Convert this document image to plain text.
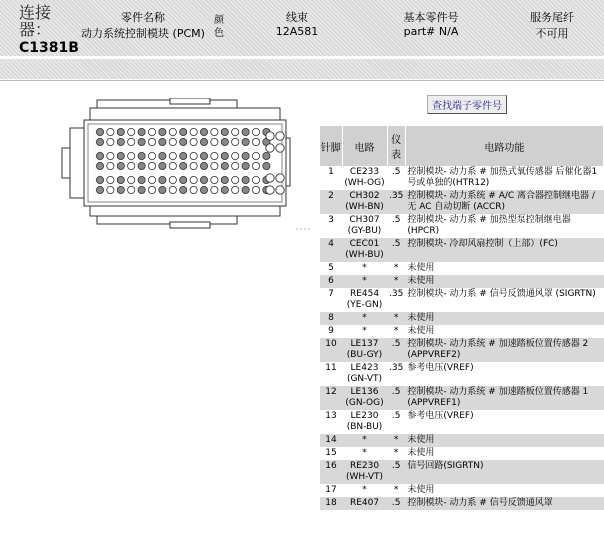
连接器：
C1381B
零件名称
动力系统控制模块 (PCM)
颜色
线束
12A581
基本零件号
part# N/A
服务尾纤
不可用
查找端子零件号
针脚	电路	仪表	电路功能
1	CE233 (WH-OG)	.5	控制模块- 动力系 # 加热式氧传感器 后催化器1号或单独的(HTR12)
2	CH302 (WH-BN)	.35	控制模块- 动力系统 # A/C 离合器控制继电器 / 无 AC 自动切断 (ACCR)
3	CH307 (GY-BU)	.5	控制模块- 动力系 # 加热型泵控制继电器 (HPCR)
4	CEC01 (WH-BU)	.5	控制模块- 冷却风扇控制（上部）(FC)
5	*	*	未使用
6	*	*	未使用
7	RE454 (YE-GN)	.35	控制模块- 动力系 # 信号反馈通风罩 (SIGRTN)
8	*	*	未使用
9	*	*	未使用
10	LE137 (BU-GY)	.5	控制模块- 动力系统 # 加速踏板位置传感器 2 (APPVREF2)
11	LE423 (GN-VT)	.35	参考电压(VREF)
12	LE136 (GN-OG)	.5	控制模块- 动力系统 # 加速踏板位置传感器 1 (APPVREF1)
13	LE230 (BN-BU)	.5	参考电压(VREF)
14	*	*	未使用
15	*	*	未使用
16	RE230 (WH-VT)	.5	信号回路(SIGRTN)
17	*	*	未使用
18	RE407	.5	控制模块- 动力系 # 信号反馈通风罩
